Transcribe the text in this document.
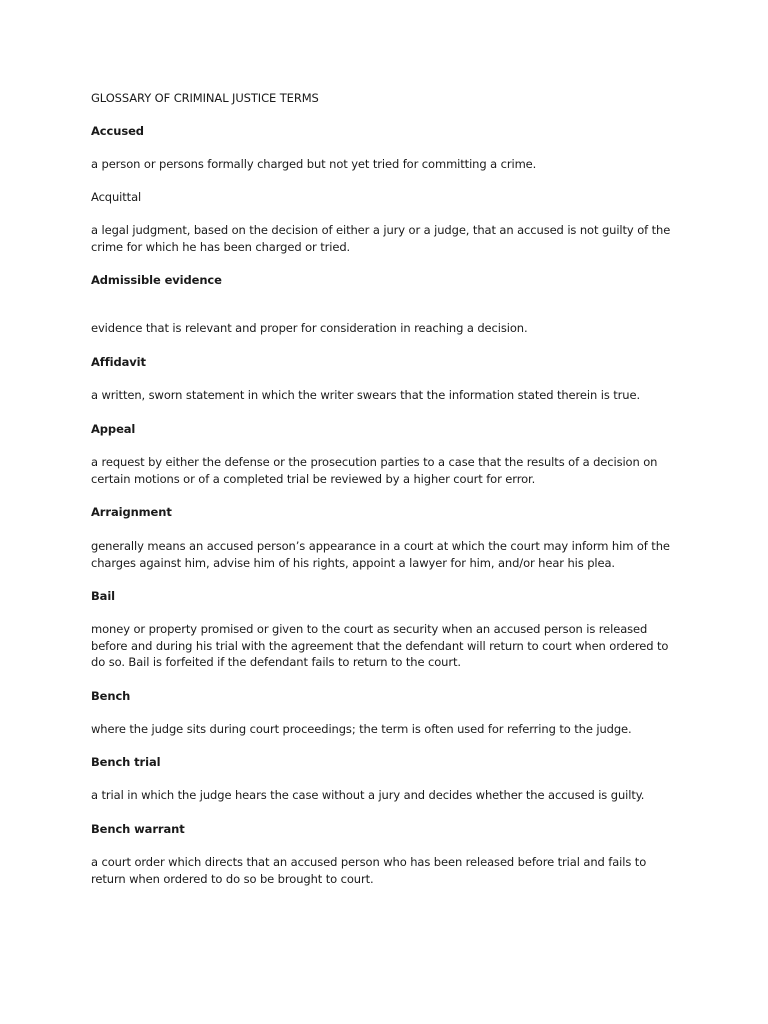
GLOSSARY OF CRIMINAL JUSTICE TERMS

Accused

a person or persons formally charged but not yet tried for committing a crime.

Acquittal

a legal judgment, based on the decision of either a jury or a judge, that an accused is not guilty of the
crime for which he has been charged or tried.

Admissible evidence

evidence that is relevant and proper for consideration in reaching a decision.

Affidavit

a written, sworn statement in which the writer swears that the information stated therein is true.

Appeal

a request by either the defense or the prosecution parties to a case that the results of a decision on
certain motions or of a completed trial be reviewed by a higher court for error.

Arraignment

generally means an accused person’s appearance in a court at which the court may inform him of the
charges against him, advise him of his rights, appoint a lawyer for him, and/or hear his plea.

Bail

money or property promised or given to the court as security when an accused person is released
before and during his trial with the agreement that the defendant will return to court when ordered to
do so. Bail is forfeited if the defendant fails to return to the court.

Bench

where the judge sits during court proceedings; the term is often used for referring to the judge.

Bench trial

a trial in which the judge hears the case without a jury and decides whether the accused is guilty.

Bench warrant

a court order which directs that an accused person who has been released before trial and fails to
return when ordered to do so be brought to court.
